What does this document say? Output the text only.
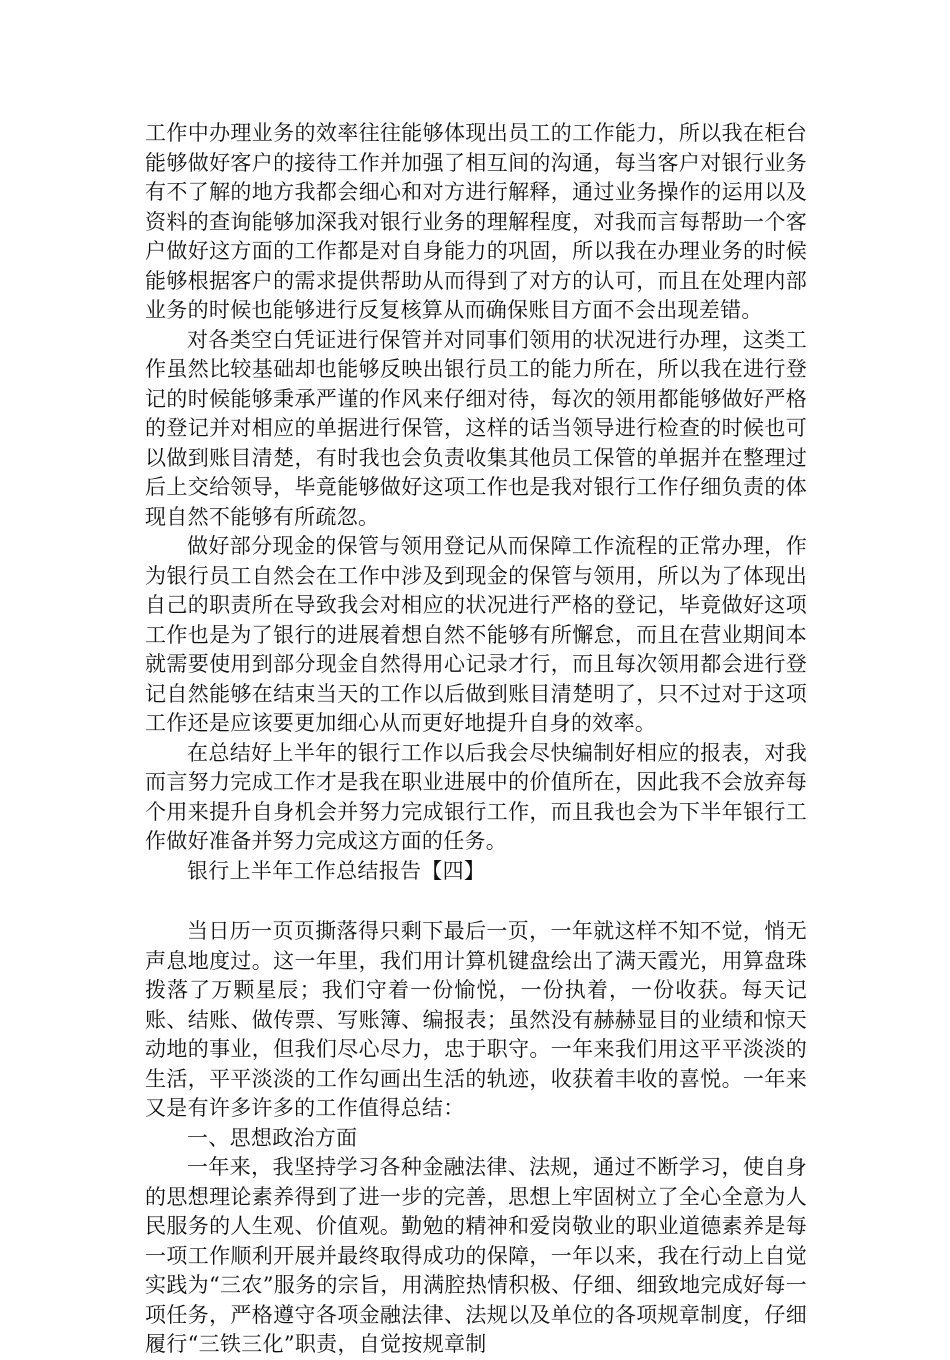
工作中办理业务的效率往往能够体现出员工的工作能力，所以我在柜台能够做好客户的接待工作并加强了相互间的沟通，每当客户对银行业务有不了解的地方我都会细心和对方进行解释，通过业务操作的运用以及资料的查询能够加深我对银行业务的理解程度，对我而言每帮助一个客户做好这方面的工作都是对自身能力的巩固，所以我在办理业务的时候能够根据客户的需求提供帮助从而得到了对方的认可，而且在处理内部业务的时候也能够进行反复核算从而确保账目方面不会出现差错。

对各类空白凭证进行保管并对同事们领用的状况进行办理，这类工作虽然比较基础却也能够反映出银行员工的能力所在，所以我在进行登记的时候能够秉承严谨的作风来仔细对待，每次的领用都能够做好严格的登记并对相应的单据进行保管，这样的话当领导进行检查的时候也可以做到账目清楚，有时我也会负责收集其他员工保管的单据并在整理过后上交给领导，毕竟能够做好这项工作也是我对银行工作仔细负责的体现自然不能够有所疏忽。

做好部分现金的保管与领用登记从而保障工作流程的正常办理，作为银行员工自然会在工作中涉及到现金的保管与领用，所以为了体现出自己的职责所在导致我会对相应的状况进行严格的登记，毕竟做好这项工作也是为了银行的进展着想自然不能够有所懈怠，而且在营业期间本就需要使用到部分现金自然得用心记录才行，而且每次领用都会进行登记自然能够在结束当天的工作以后做到账目清楚明了，只不过对于这项工作还是应该要更加细心从而更好地提升自身的效率。

在总结好上半年的银行工作以后我会尽快编制好相应的报表，对我而言努力完成工作才是我在职业进展中的价值所在，因此我不会放弃每个用来提升自身机会并努力完成银行工作，而且我也会为下半年银行工作做好准备并努力完成这方面的任务。

银行上半年工作总结报告【四】

当日历一页页撕落得只剩下最后一页，一年就这样不知不觉，悄无声息地度过。这一年里，我们用计算机键盘绘出了满天霞光，用算盘珠拨落了万颗星辰；我们守着一份愉悦，一份执着，一份收获。每天记账、结账、做传票、写账簿、编报表；虽然没有赫赫显目的业绩和惊天动地的事业，但我们尽心尽力，忠于职守。一年来我们用这平平淡淡的生活，平平淡淡的工作勾画出生活的轨迹，收获着丰收的喜悦。一年来又是有许多许多的工作值得总结：

一、思想政治方面

一年来，我坚持学习各种金融法律、法规，通过不断学习，使自身的思想理论素养得到了进一步的完善，思想上牢固树立了全心全意为人民服务的人生观、价值观。勤勉的精神和爱岗敬业的职业道德素养是每一项工作顺利开展并最终取得成功的保障，一年以来，我在行动上自觉实践为“三农”服务的宗旨，用满腔热情积极、仔细、细致地完成好每一项任务，严格遵守各项金融法律、法规以及单位的各项规章制度，仔细履行“三铁三化”职责，自觉按规章制
